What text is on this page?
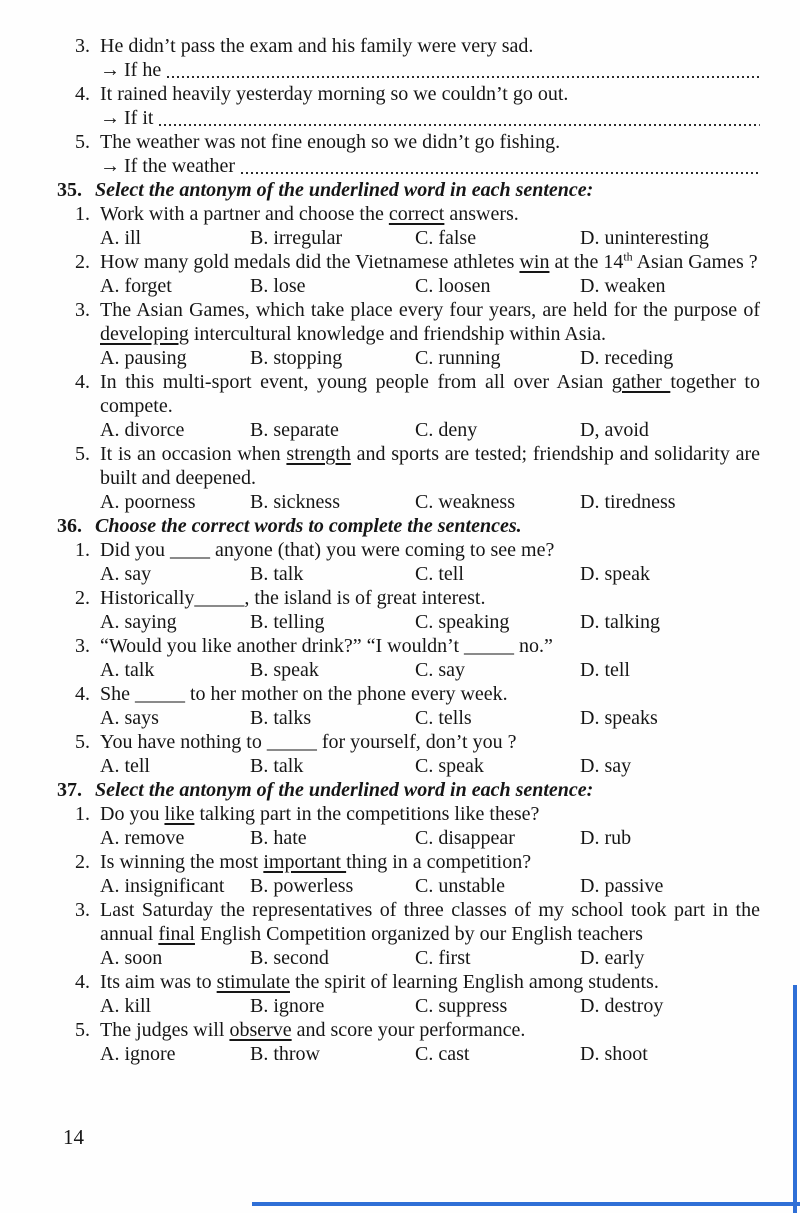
3. He didn’t pass the exam and his family were very sad.
→ If he
4. It rained heavily yesterday morning so we couldn’t go out.
→ If it
5. The weather was not fine enough so we didn’t go fishing.
→ If the weather
35. Select the antonym of the underlined word in each sentence:
1. Work with a partner and choose the correct answers.
A. ill	B. irregular	C. false	D. uninteresting
2. How many gold medals did the Vietnamese athletes win at the 14th Asian Games ?
A. forget	B. lose	C. loosen	D. weaken
3. The Asian Games, which take place every four years, are held for the purpose of developing intercultural knowledge and friendship within Asia.
A. pausing	B. stopping	C. running	D. receding
4. In this multi-sport event, young people from all over Asian gather together to compete.
A. divorce	B. separate	C. deny	D, avoid
5. It is an occasion when strength and sports are tested; friendship and solidarity are built and deepened.
A. poorness	B. sickness	C. weakness	D. tiredness
36. Choose the correct words to complete the sentences.
1. Did you ____ anyone (that) you were coming to see me?
A. say	B. talk	C. tell	D. speak
2. Historically_____, the island is of great interest.
A. saying	B. telling	C. speaking	D. talking
3. “Would you like another drink?” “I wouldn’t _____ no.”
A. talk	B. speak	C. say	D. tell
4. She _____ to her mother on the phone every week.
A. says	B. talks	C. tells	D. speaks
5. You have nothing to _____ for yourself, don’t you ?
A. tell	B. talk	C. speak	D. say
37. Select the antonym of the underlined word in each sentence:
1. Do you like talking part in the competitions like these?
A. remove	B. hate	C. disappear	D. rub
2. Is winning the most important thing in a competition?
A. insignificant	B. powerless	C. unstable	D. passive
3. Last Saturday the representatives of three classes of my school took part in the annual final English Competition organized by our English teachers
A. soon	B. second	C. first	D. early
4. Its aim was to stimulate the spirit of learning English among students.
A. kill	B. ignore	C. suppress	D. destroy
5. The judges will observe and score your performance.
A. ignore	B. throw	C. cast	D. shoot
14
